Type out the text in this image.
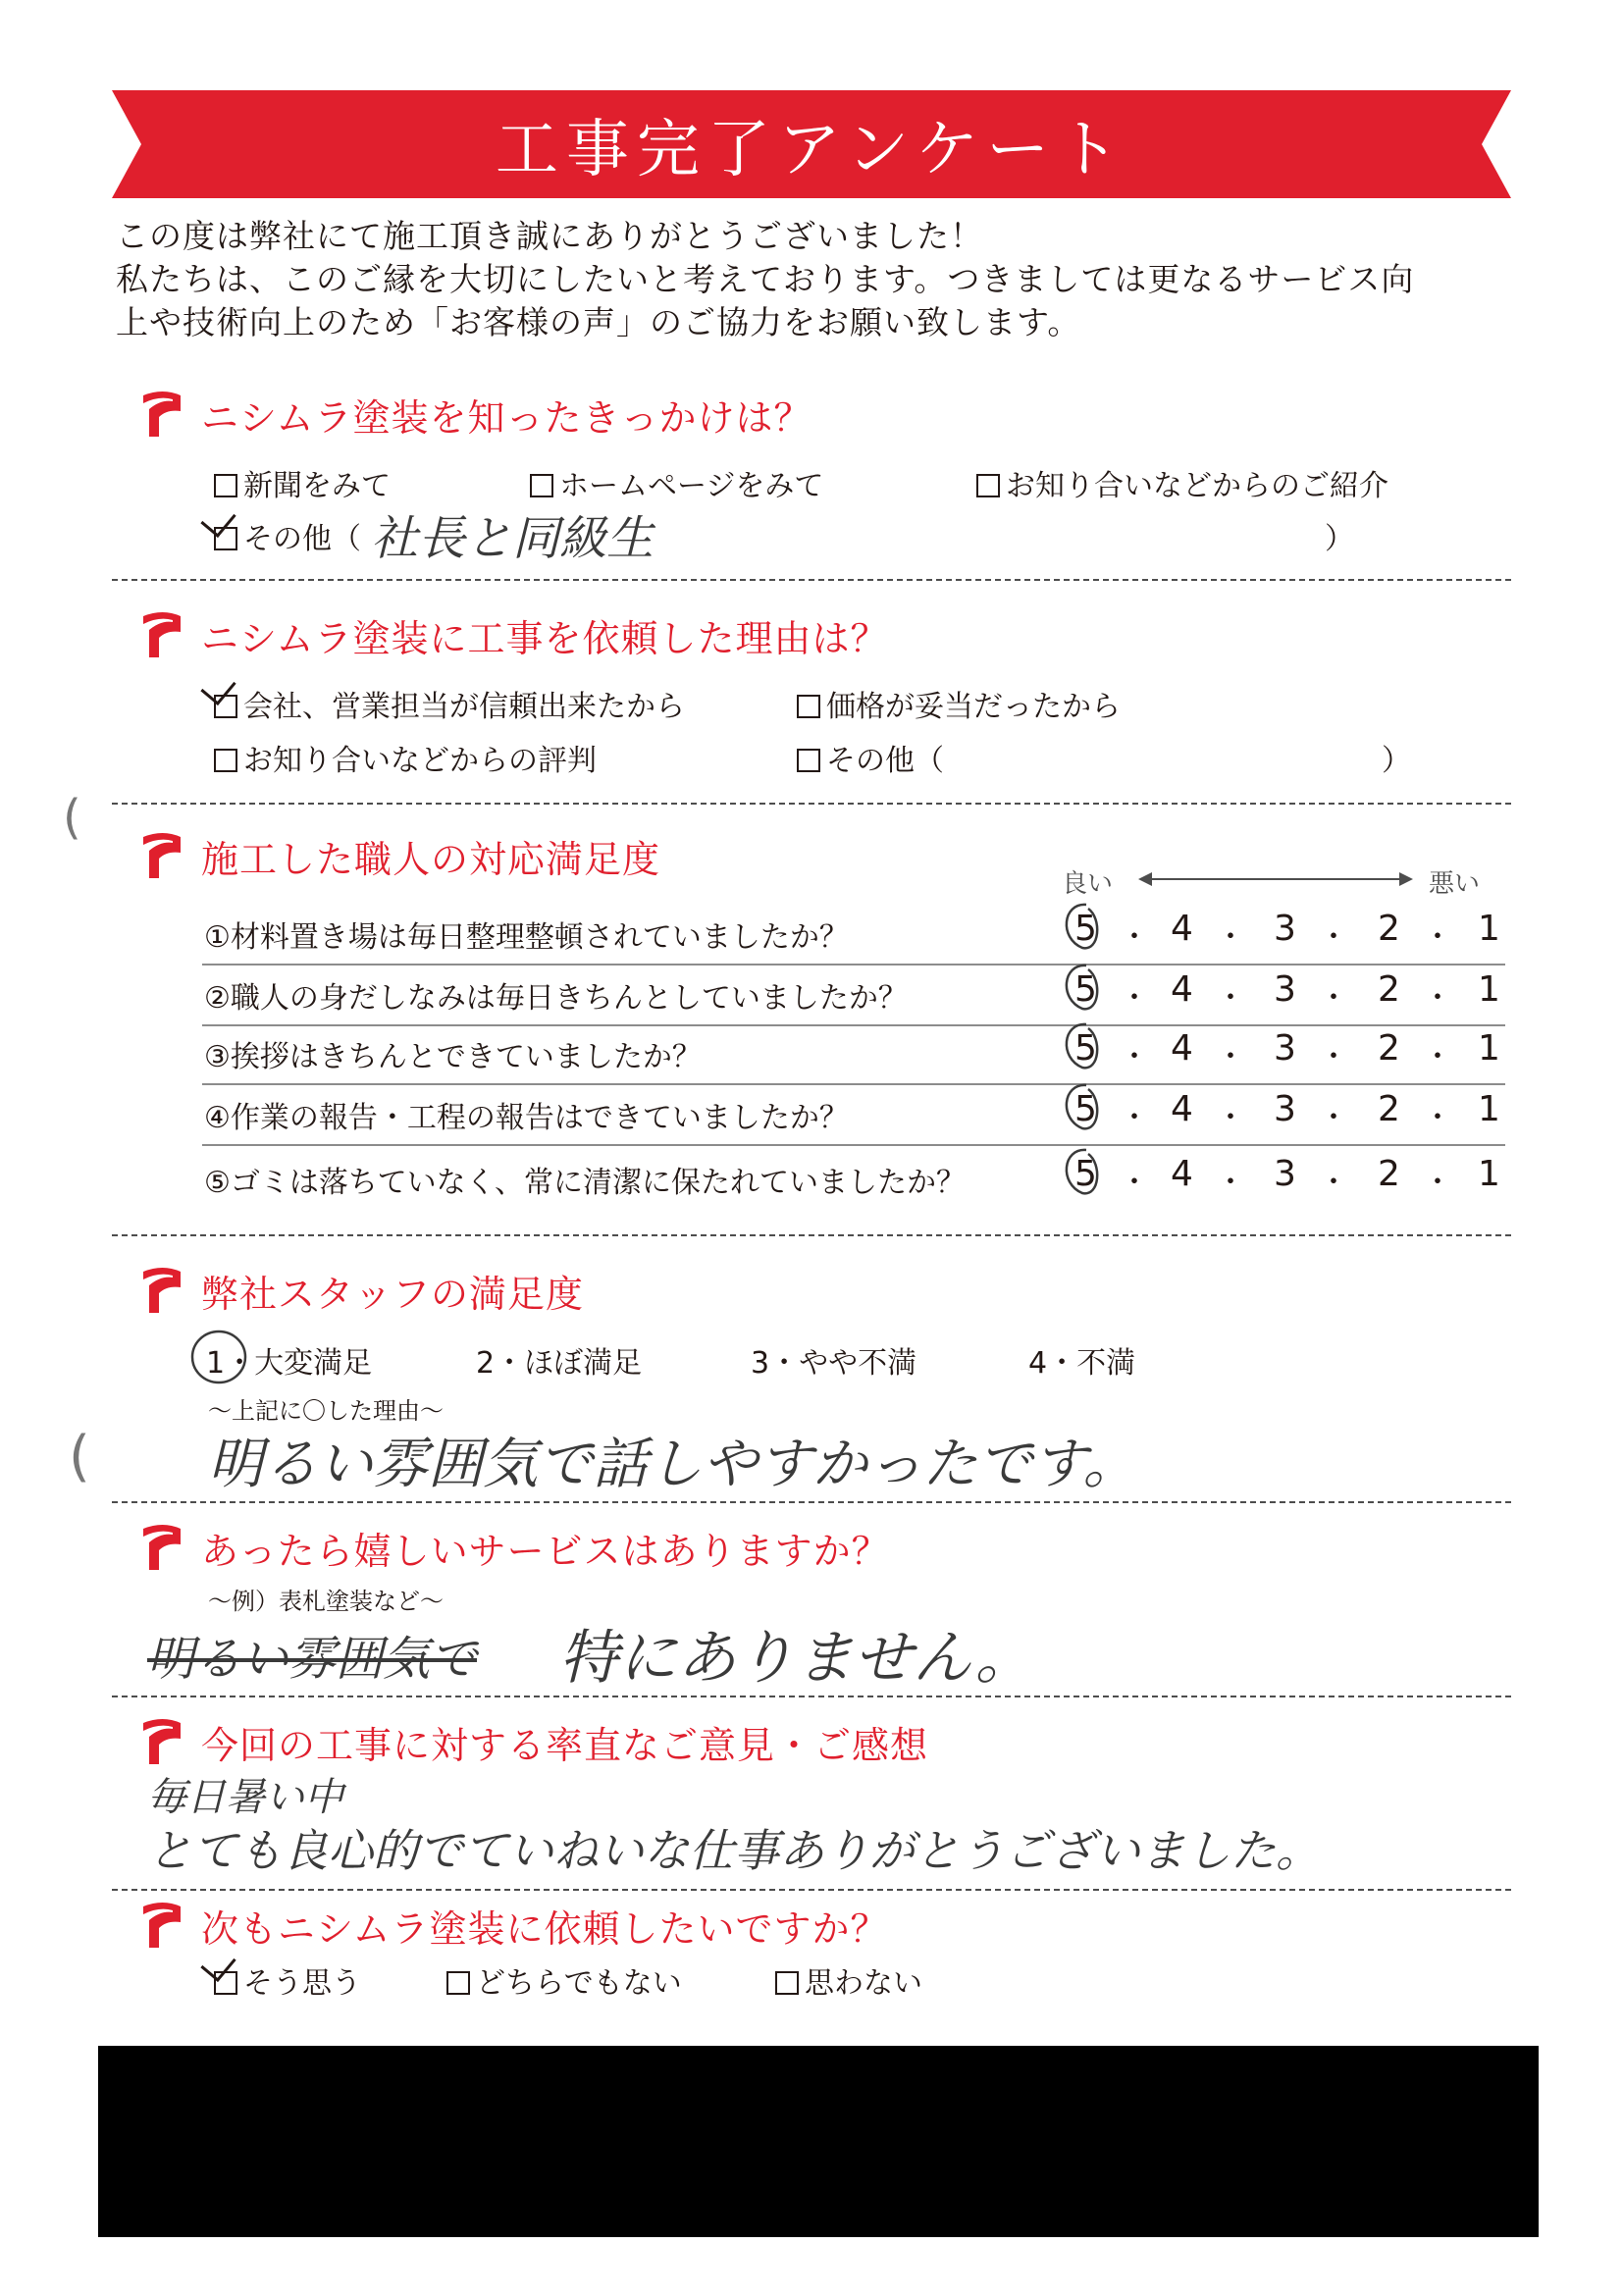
工事完了アンケート
この度は弊社にて施工頂き誠にありがとうございました！
私たちは、このご縁を大切にしたいと考えております。つきましては更なるサービス向
上や技術向上のため「お客様の声」のご協力をお願い致します。
ニシムラ塗装を知ったきっかけは？
新聞をみて	ホームページをみて	お知り合いなどからのご紹介
その他（ 社長と同級生	）
ニシムラ塗装に工事を依頼した理由は？
会社、営業担当が信頼出来たから	価格が妥当だったから
お知り合いなどからの評判	その他（	）
施工した職人の対応満足度
良い	悪い
①材料置き場は毎日整理整頓されていましたか？	5 ・ 4 ・ 3 ・ 2 ・ 1
②職人の身だしなみは毎日きちんとしていましたか？	5 ・ 4 ・ 3 ・ 2 ・ 1
③挨拶はきちんとできていましたか？	5 ・ 4 ・ 3 ・ 2 ・ 1
④作業の報告・工程の報告はできていましたか？	5 ・ 4 ・ 3 ・ 2 ・ 1
⑤ゴミは落ちていなく、常に清潔に保たれていましたか？	5 ・ 4 ・ 3 ・ 2 ・ 1
弊社スタッフの満足度
1・大変満足	2・ほぼ満足	3・やや不満	4・不満
～上記に〇した理由～
明るい雰囲気で話しやすかったです。
(
(
あったら嬉しいサービスはありますか？
～例）表札塗装など～
明るい雰囲気で 特にありません。
今回の工事に対する率直なご意見・ご感想
毎日暑い中
とても良心的でていねいな仕事ありがとうございました。
次もニシムラ塗装に依頼したいですか？
そう思う	どちらでもない	思わない
